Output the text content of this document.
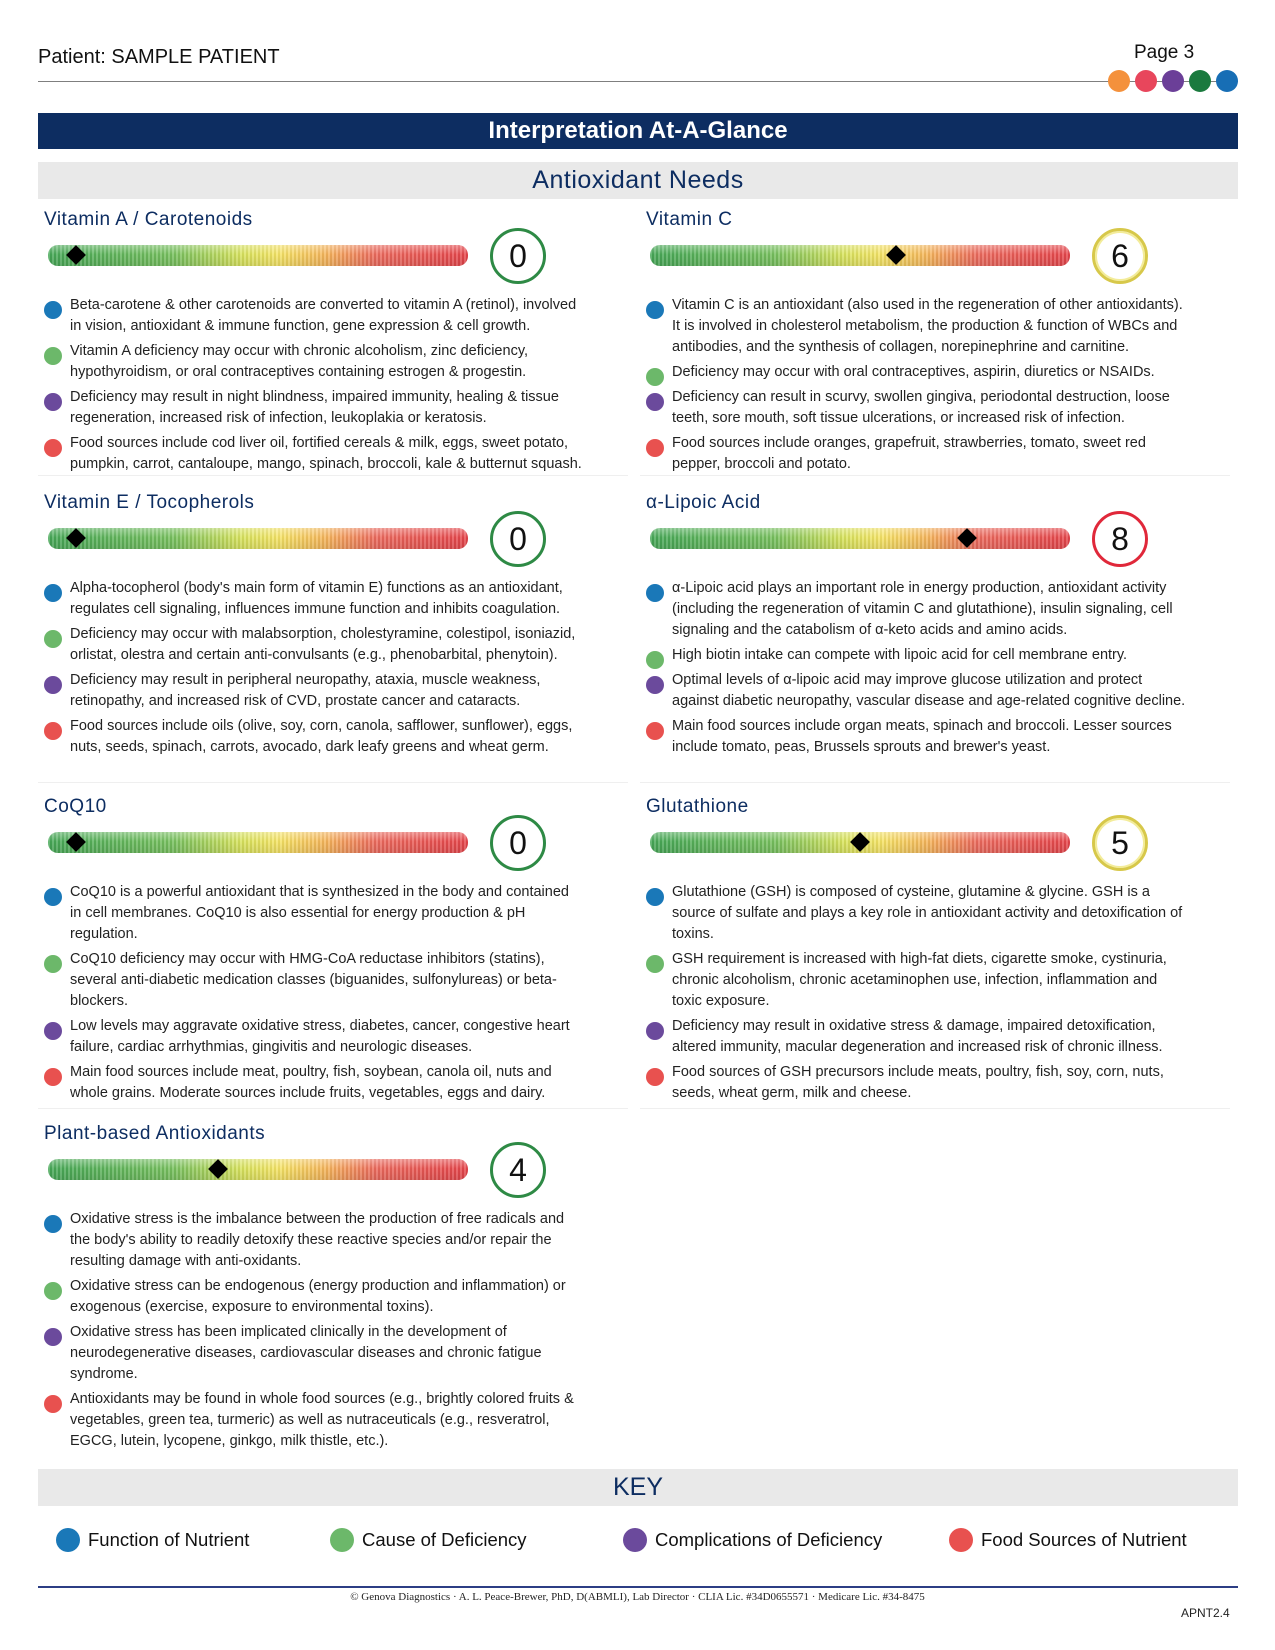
Patient: SAMPLE PATIENT	Page 3
Interpretation At-A-Glance
Antioxidant Needs
Vitamin A / Carotenoids
0
Beta-carotene & other carotenoids are converted to vitamin A (retinol), involved in vision, antioxidant & immune function, gene expression & cell growth.
Vitamin A deficiency may occur with chronic alcoholism, zinc deficiency, hypothyroidism, or oral contraceptives containing estrogen & progestin.
Deficiency may result in night blindness, impaired immunity, healing & tissue regeneration, increased risk of infection, leukoplakia or keratosis.
Food sources include cod liver oil, fortified cereals & milk, eggs, sweet potato, pumpkin, carrot, cantaloupe, mango, spinach, broccoli, kale & butternut squash.
Vitamin C
6
Vitamin C is an antioxidant (also used in the regeneration of other antioxidants). It is involved in cholesterol metabolism, the production & function of WBCs and antibodies, and the synthesis of collagen, norepinephrine and carnitine.
Deficiency may occur with oral contraceptives, aspirin, diuretics or NSAIDs.
Deficiency can result in scurvy, swollen gingiva, periodontal destruction, loose teeth, sore mouth, soft tissue ulcerations, or increased risk of infection.
Food sources include oranges, grapefruit, strawberries, tomato, sweet red pepper, broccoli and potato.
Vitamin E / Tocopherols
0
Alpha-tocopherol (body's main form of vitamin E) functions as an antioxidant, regulates cell signaling, influences immune function and inhibits coagulation.
Deficiency may occur with malabsorption, cholestyramine, colestipol, isoniazid, orlistat, olestra and certain anti-convulsants (e.g., phenobarbital, phenytoin).
Deficiency may result in peripheral neuropathy, ataxia, muscle weakness, retinopathy, and increased risk of CVD, prostate cancer and cataracts.
Food sources include oils (olive, soy, corn, canola, safflower, sunflower), eggs, nuts, seeds, spinach, carrots, avocado, dark leafy greens and wheat germ.
α-Lipoic Acid
8
α-Lipoic acid plays an important role in energy production, antioxidant activity (including the regeneration of vitamin C and glutathione), insulin signaling, cell signaling and the catabolism of α-keto acids and amino acids.
High biotin intake can compete with lipoic acid for cell membrane entry.
Optimal levels of α-lipoic acid may improve glucose utilization and protect against diabetic neuropathy, vascular disease and age-related cognitive decline.
Main food sources include organ meats, spinach and broccoli. Lesser sources include tomato, peas, Brussels sprouts and brewer's yeast.
CoQ10
0
CoQ10 is a powerful antioxidant that is synthesized in the body and contained in cell membranes. CoQ10 is also essential for energy production & pH regulation.
CoQ10 deficiency may occur with HMG-CoA reductase inhibitors (statins), several anti-diabetic medication classes (biguanides, sulfonylureas) or beta-blockers.
Low levels may aggravate oxidative stress, diabetes, cancer, congestive heart failure, cardiac arrhythmias, gingivitis and neurologic diseases.
Main food sources include meat, poultry, fish, soybean, canola oil, nuts and whole grains. Moderate sources include fruits, vegetables, eggs and dairy.
Glutathione
5
Glutathione (GSH) is composed of cysteine, glutamine & glycine. GSH is a source of sulfate and plays a key role in antioxidant activity and detoxification of toxins.
GSH requirement is increased with high-fat diets, cigarette smoke, cystinuria, chronic alcoholism, chronic acetaminophen use, infection, inflammation and toxic exposure.
Deficiency may result in oxidative stress & damage, impaired detoxification, altered immunity, macular degeneration and increased risk of chronic illness.
Food sources of GSH precursors include meats, poultry, fish, soy, corn, nuts, seeds, wheat germ, milk and cheese.
Plant-based Antioxidants
4
Oxidative stress is the imbalance between the production of free radicals and the body's ability to readily detoxify these reactive species and/or repair the resulting damage with anti-oxidants.
Oxidative stress can be endogenous (energy production and inflammation) or exogenous (exercise, exposure to environmental toxins).
Oxidative stress has been implicated clinically in the development of neurodegenerative diseases, cardiovascular diseases and chronic fatigue syndrome.
Antioxidants may be found in whole food sources (e.g., brightly colored fruits & vegetables, green tea, turmeric) as well as nutraceuticals (e.g., resveratrol, EGCG, lutein, lycopene, ginkgo, milk thistle, etc.).
KEY
Function of Nutrient	Cause of Deficiency	Complications of Deficiency	Food Sources of Nutrient
© Genova Diagnostics · A. L. Peace-Brewer, PhD, D(ABMLI), Lab Director · CLIA Lic. #34D0655571 · Medicare Lic. #34-8475
APNT2.4
